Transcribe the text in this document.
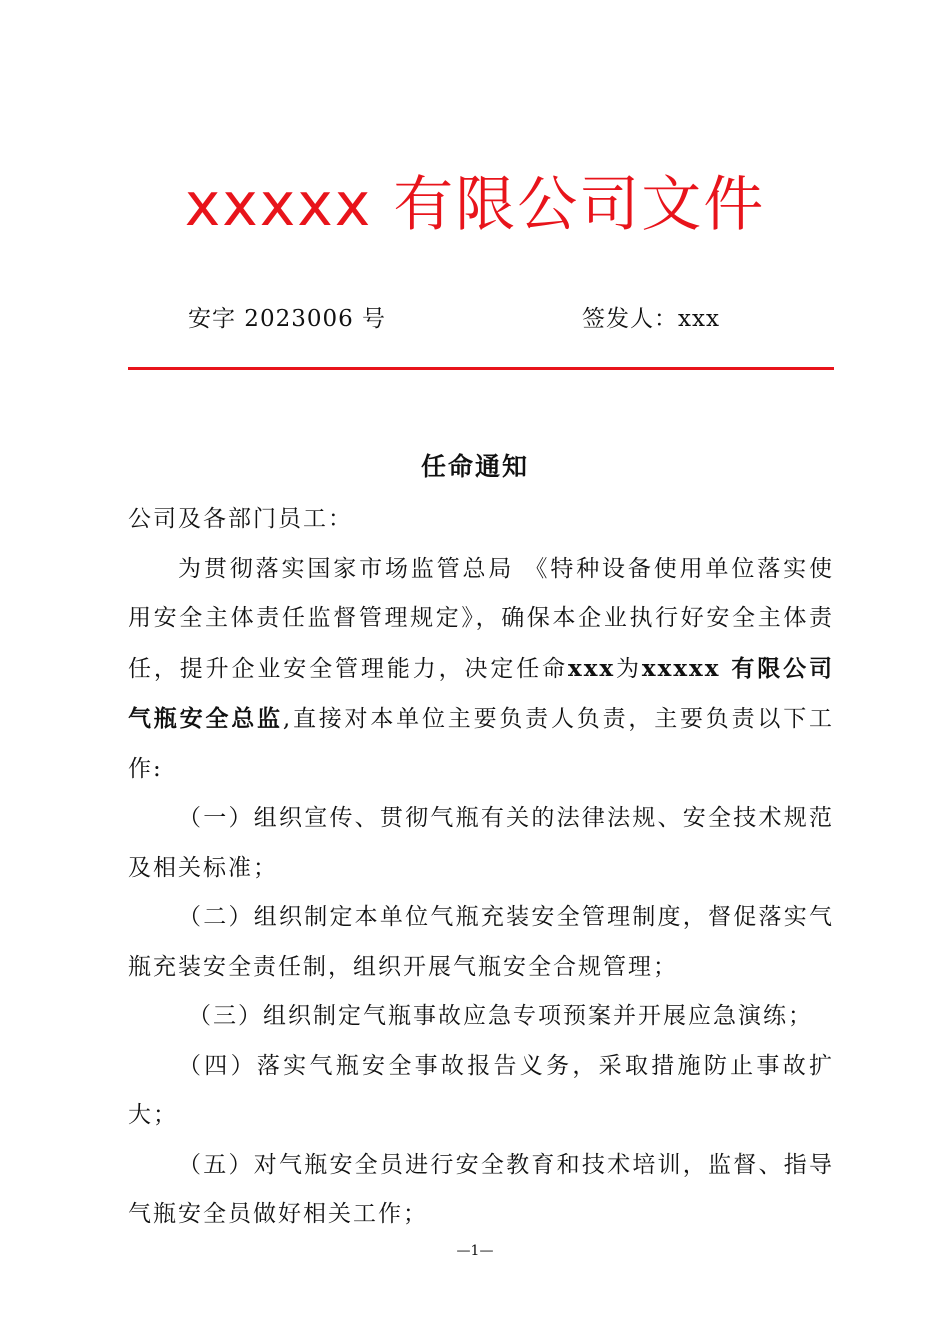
xxxxx 有限公司文件
安字 2023006 号	签发人：xxx
任命通知

公司及各部门员工：

为贯彻落实国家市场监管总局 《特种设备使用单位落实使用安全主体责任监督管理规定》，确保本企业执行好安全主体责任，提升企业安全管理能力，决定任命xxx为xxxxx 有限公司气瓶安全总监,直接对本单位主要负责人负责，主要负责以下工作:

（一）组织宣传、贯彻气瓶有关的法律法规、安全技术规范及相关标准；

（二）组织制定本单位气瓶充装安全管理制度，督促落实气瓶充装安全责任制，组织开展气瓶安全合规管理；

（三）组织制定气瓶事故应急专项预案并开展应急演练；

（四）落实气瓶安全事故报告义务，采取措施防止事故扩大；

（五）对气瓶安全员进行安全教育和技术培训，监督、指导气瓶安全员做好相关工作；

—1—
